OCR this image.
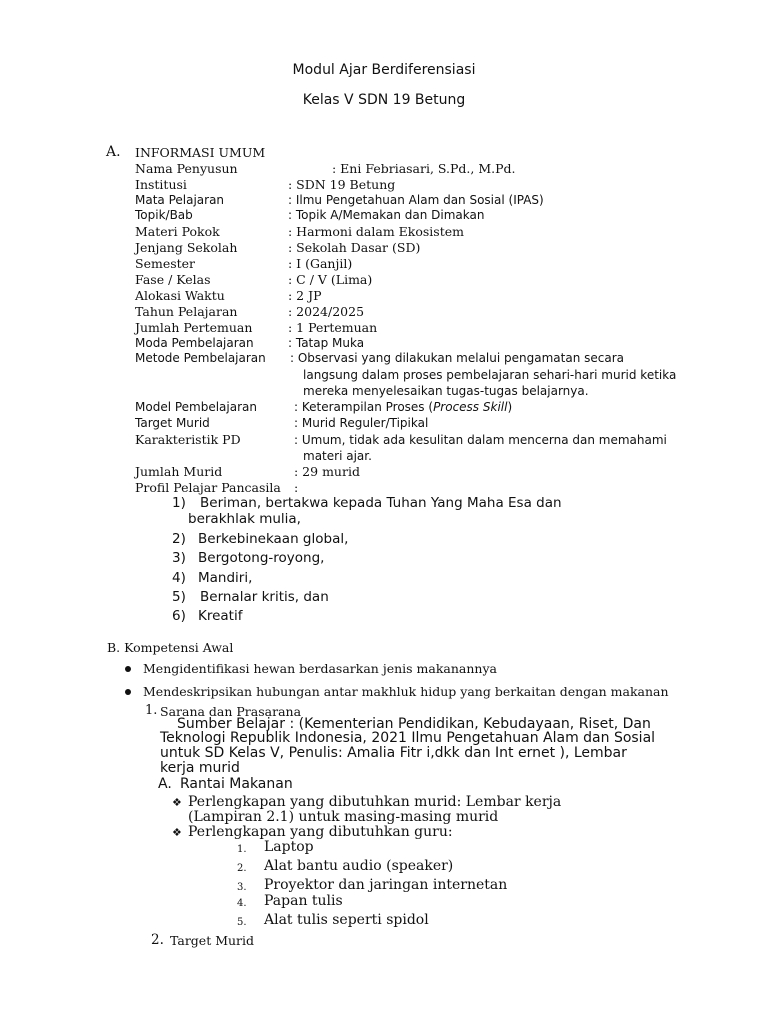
Modul Ajar Berdiferensiasi
Kelas V SDN 19 Betung
A. INFORMASI UMUM
Nama Penyusun	: Eni Febriasari, S.Pd., M.Pd.
Institusi	: SDN 19 Betung
Mata Pelajaran	: Ilmu Pengetahuan Alam dan Sosial (IPAS)
Topik/Bab	: Topik A/Memakan dan Dimakan
Materi Pokok	: Harmoni dalam Ekosistem
Jenjang Sekolah	: Sekolah Dasar (SD)
Semester	: I (Ganjil)
Fase / Kelas	: C / V (Lima)
Alokasi Waktu	: 2 JP
Tahun Pelajaran	: 2024/2025
Jumlah Pertemuan	: 1 Pertemuan
Moda Pembelajaran	: Tatap Muka
Metode Pembelajaran : Observasi yang dilakukan melalui pengamatan secara
langsung dalam proses pembelajaran sehari-hari murid ketika
mereka menyelesaikan tugas-tugas belajarnya.
Model Pembelajaran	: Keterampilan Proses (Process Skill)
Target Murid	: Murid Reguler/Tipikal
Karakteristik PD	: Umum, tidak ada kesulitan dalam mencerna dan memahami
materi ajar.
Jumlah Murid	: 29 murid
Profil Pelajar Pancasila :
1) Beriman, bertakwa kepada Tuhan Yang Maha Esa dan
berakhlak mulia,
2) Berkebinekaan global,
3) Bergotong-royong,
4) Mandiri,
5) Bernalar kritis, dan
6) Kreatif
B. Kompetensi Awal
Mengidentifikasi hewan berdasarkan jenis makanannya
Mendeskripsikan hubungan antar makhluk hidup yang berkaitan dengan makanan
1. Sarana dan Prasarana
Sumber Belajar : (Kementerian Pendidikan, Kebudayaan, Riset, Dan
Teknologi Republik Indonesia, 2021 Ilmu Pengetahuan Alam dan Sosial
untuk SD Kelas V, Penulis: Amalia Fitr i,dkk dan Int ernet ), Lembar
kerja murid
A. Rantai Makanan
❖ Perlengkapan yang dibutuhkan murid: Lembar kerja
(Lampiran 2.1) untuk masing-masing murid
❖ Perlengkapan yang dibutuhkan guru:
1. Laptop
2. Alat bantu audio (speaker)
3. Proyektor dan jaringan internetan
4. Papan tulis
5. Alat tulis seperti spidol
2. Target Murid
